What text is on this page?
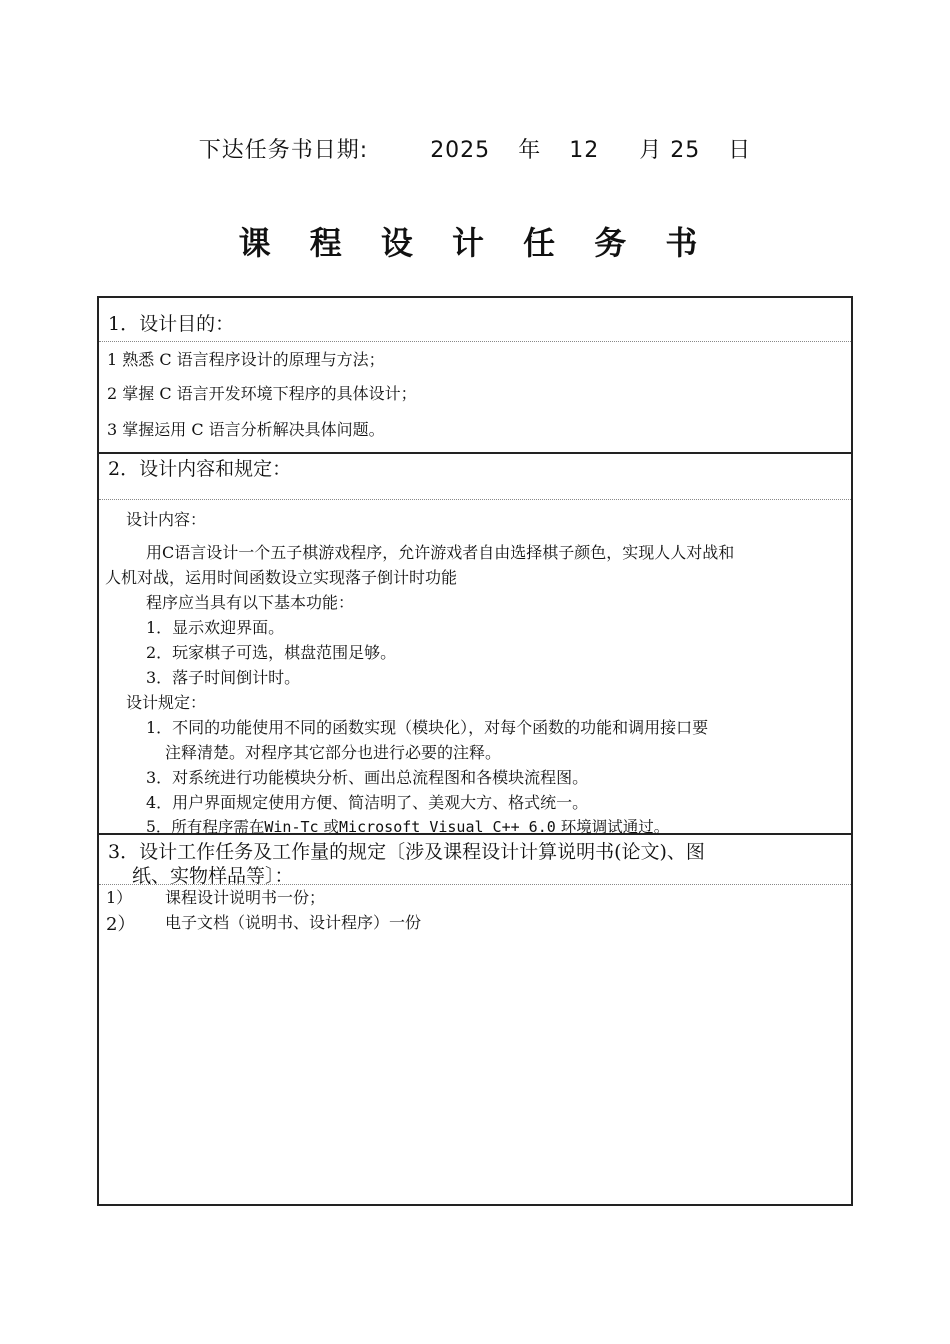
下达任务书日期:	2025 年 12 月 25 日
课 程 设 计 任 务 书
1．设计目的：
1 熟悉 C 语言程序设计的原理与方法；
2 掌握 C 语言开发环境下程序的具体设计；
3 掌握运用 C 语言分析解决具体问题。
2．设计内容和规定：
设计内容：
用C语言设计一个五子棋游戏程序，允许游戏者自由选择棋子颜色，实现人人对战和
人机对战，运用时间函数设立实现落子倒计时功能
程序应当具有以下基本功能：
1．显示欢迎界面。
2．玩家棋子可选，棋盘范围足够。
3．落子时间倒计时。
设计规定：
1．不同的功能使用不同的函数实现（模块化），对每个函数的功能和调用接口要
注释清楚。对程序其它部分也进行必要的注释。
3．对系统进行功能模块分析、画出总流程图和各模块流程图。
4．用户界面规定使用方便、简洁明了、美观大方、格式统一。
5．所有程序需在Win-Tc 或Microsoft Visual C++ 6.0 环境调试通过。
3．设计工作任务及工作量的规定〔涉及课程设计计算说明书(论文)、图
纸、实物样品等〕：
1） 课程设计说明书一份；
2） 电子文档（说明书、设计程序）一份
